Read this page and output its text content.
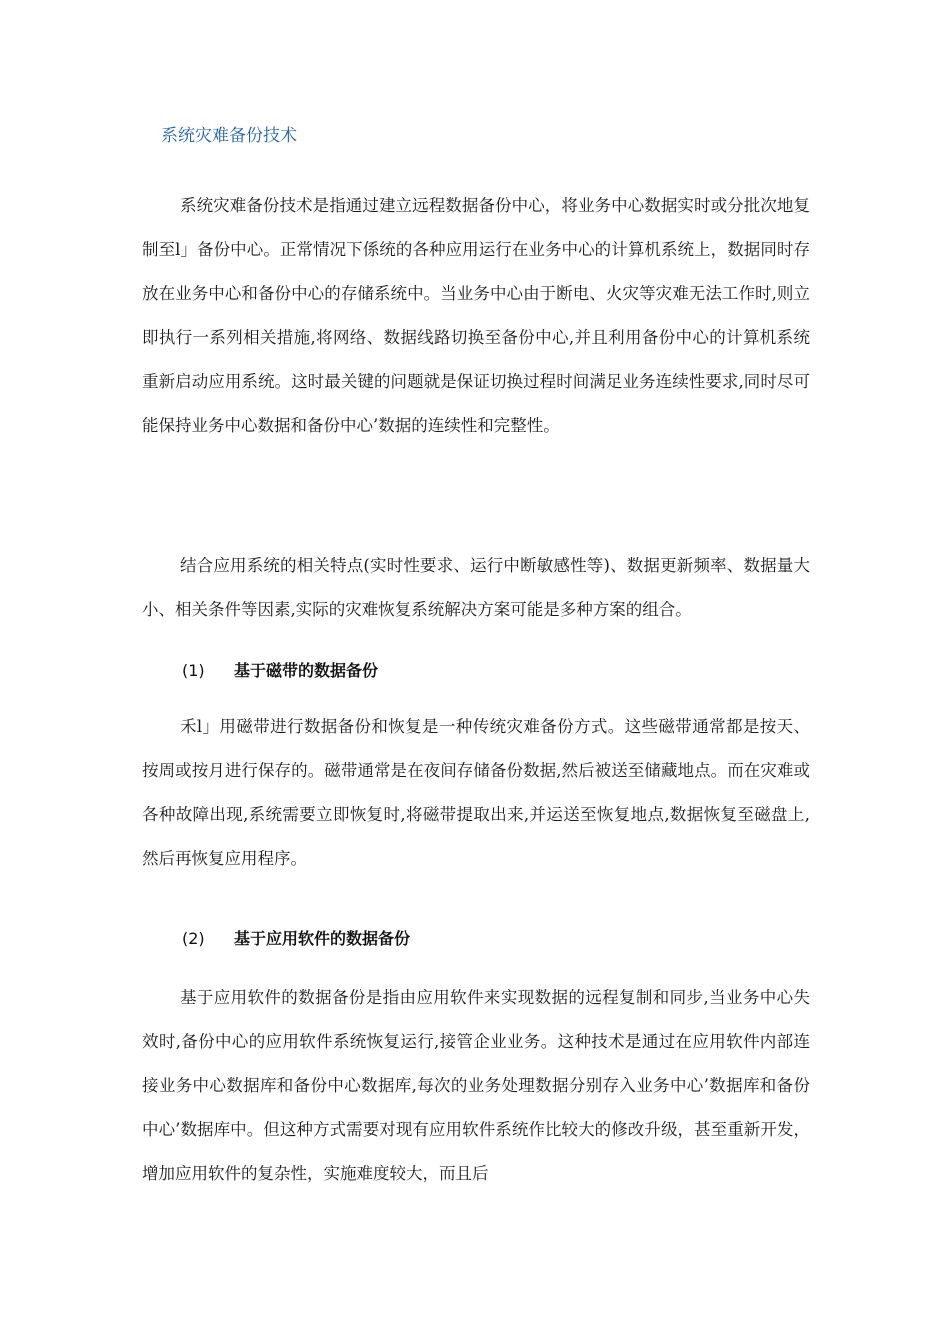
系统灾难备份技术

系统灾难备份技术是指通过建立远程数据备份中心，将业务中心数据实时或分批次地复制至l」备份中心。正常情况下係统的各种应用运行在业务中心的计算机系统上，数据同时存放在业务中心和备份中心的存储系统中。当业务中心由于断电、火灾等灾难无法工作时,则立即执行一系列相关措施,将网络、数据线路切换至备份中心,并且利用备份中心的计算机系统重新启动应用系统。这时最关键的问题就是保证切换过程时间满足业务连续性要求,同时尽可能保持业务中心数据和备份中心’数据的连续性和完整性。

结合应用系统的相关特点(实时性要求、运行中断敏感性等)、数据更新频率、数据量大小、相关条件等因素,实际的灾难恢复系统解决方案可能是多种方案的组合。

(1) 基于磁带的数据备份

禾l」用磁带进行数据备份和恢复是一种传统灾难备份方式。这些磁带通常都是按天、按周或按月进行保存的。磁带通常是在夜间存储备份数据,然后被送至储藏地点。而在灾难或各种故障出现,系统需要立即恢复时,将磁带提取出来,并运送至恢复地点,数据恢复至磁盘上,然后再恢复应用程序。

(2) 基于应用软件的数据备份

基于应用软件的数据备份是指由应用软件来实现数据的远程复制和同步,当业务中心失效时,备份中心的应用软件系统恢复运行,接管企业业务。这种技术是通过在应用软件内部连接业务中心数据库和备份中心数据库,每次的业务处理数据分别存入业务中心’数据库和备份中心’数据库中。但这种方式需要对现有应用软件系统作比较大的修改升级，甚至重新开发，增加应用软件的复杂性，实施难度较大，而且后
